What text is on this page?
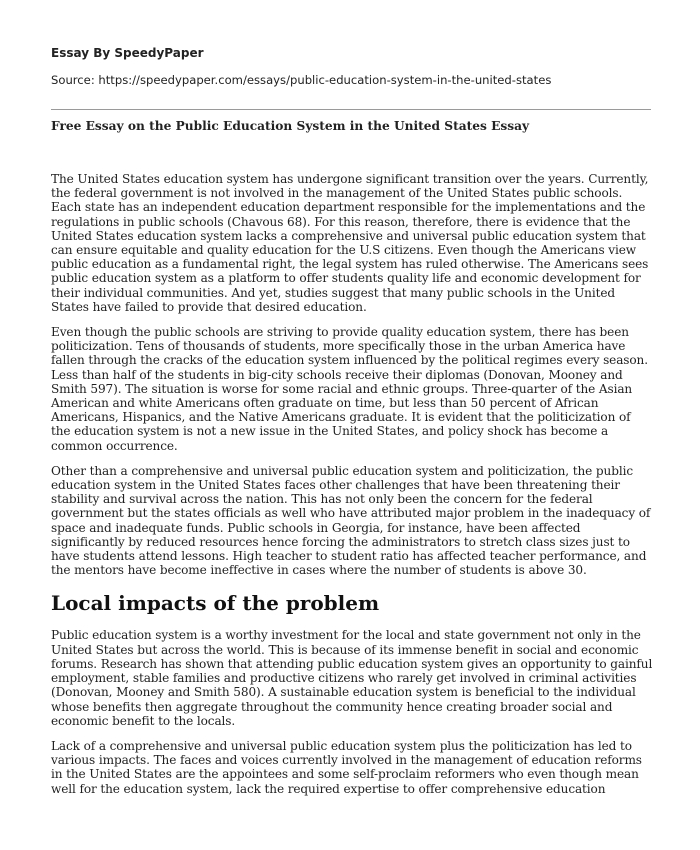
Essay By SpeedyPaper
Source: https://speedypaper.com/essays/public-education-system-in-the-united-states
Free Essay on the Public Education System in the United States Essay

The United States education system has undergone significant transition over the years. Currently, the federal government is not involved in the management of the United States public schools. Each state has an independent education department responsible for the implementations and the regulations in public schools (Chavous 68). For this reason, therefore, there is evidence that the United States education system lacks a comprehensive and universal public education system that can ensure equitable and quality education for the U.S citizens. Even though the Americans view public education as a fundamental right, the legal system has ruled otherwise. The Americans sees public education system as a platform to offer students quality life and economic development for their individual communities. And yet, studies suggest that many public schools in the United States have failed to provide that desired education.

Even though the public schools are striving to provide quality education system, there has been politicization. Tens of thousands of students, more specifically those in the urban America have fallen through the cracks of the education system influenced by the political regimes every season. Less than half of the students in big-city schools receive their diplomas (Donovan, Mooney and Smith 597). The situation is worse for some racial and ethnic groups. Three-quarter of the Asian American and white Americans often graduate on time, but less than 50 percent of African Americans, Hispanics, and the Native Americans graduate. It is evident that the politicization of the education system is not a new issue in the United States, and policy shock has become a common occurrence.

Other than a comprehensive and universal public education system and politicization, the public education system in the United States faces other challenges that have been threatening their stability and survival across the nation. This has not only been the concern for the federal government but the states officials as well who have attributed major problem in the inadequacy of space and inadequate funds. Public schools in Georgia, for instance, have been affected significantly by reduced resources hence forcing the administrators to stretch class sizes just to have students attend lessons. High teacher to student ratio has affected teacher performance, and the mentors have become ineffective in cases where the number of students is above 30.

Local impacts of the problem

Public education system is a worthy investment for the local and state government not only in the United States but across the world. This is because of its immense benefit in social and economic forums. Research has shown that attending public education system gives an opportunity to gainful employment, stable families and productive citizens who rarely get involved in criminal activities (Donovan, Mooney and Smith 580). A sustainable education system is beneficial to the individual whose benefits then aggregate throughout the community hence creating broader social and economic benefit to the locals.

Lack of a comprehensive and universal public education system plus the politicization has led to various impacts. The faces and voices currently involved in the management of education reforms in the United States are the appointees and some self-proclaim reformers who even though mean well for the education system, lack the required expertise to offer comprehensive education
